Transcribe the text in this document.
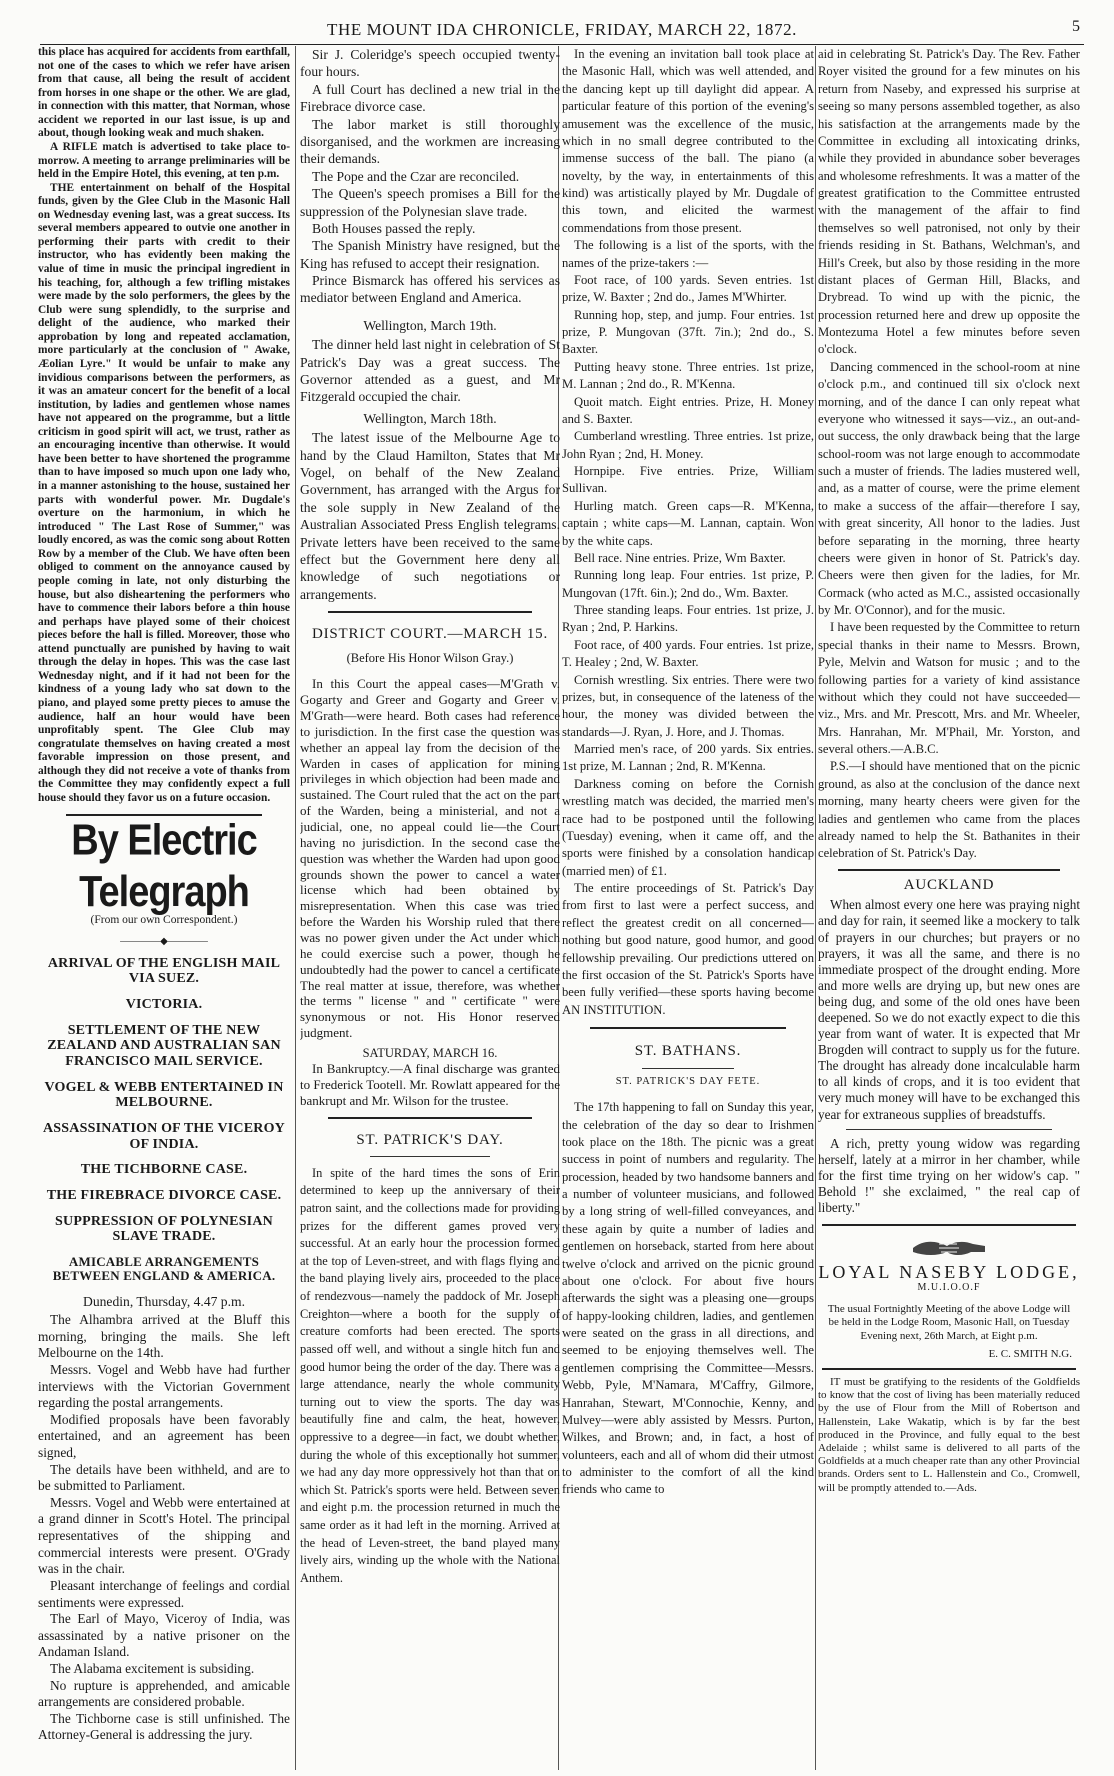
THE MOUNT IDA CHRONICLE, FRIDAY, MARCH 22, 1872.	5

this place has acquired for accidents from earthfall, not one of the cases to which we refer have arisen from that cause, all being the result of accident from horses in one shape or the other. We are glad, in connection with this matter, that Norman, whose accident we reported in our last issue, is up and about, though looking weak and much shaken.

A RIFLE match is advertised to take place to-morrow. A meeting to arrange preliminaries will be held in the Empire Hotel, this evening, at ten p.m.

THE entertainment on behalf of the Hospital funds, given by the Glee Club in the Masonic Hall on Wednesday evening last, was a great success. Its several members appeared to outvie one another in performing their parts with credit to their instructor, who has evidently been making the value of time in music the principal ingredient in his teaching, for, although a few trifling mistakes were made by the solo performers, the glees by the Club were sung splendidly, to the surprise and delight of the audience, who marked their approbation by long and repeated acclamation, more particularly at the conclusion of " Awake, Æolian Lyre." It would be unfair to make any invidious comparisons between the performers, as it was an amateur concert for the benefit of a local institution, by ladies and gentlemen whose names have not appeared on the programme, but a little criticism in good spirit will act, we trust, rather as an encouraging incentive than otherwise. It would have been better to have shortened the programme than to have imposed so much upon one lady who, in a manner astonishing to the house, sustained her parts with wonderful power. Mr. Dugdale's overture on the harmonium, in which he introduced " The Last Rose of Summer," was loudly encored, as was the comic song about Rotten Row by a member of the Club. We have often been obliged to comment on the annoyance caused by people coming in late, not only disturbing the house, but also disheartening the performers who have to commence their labors before a thin house and perhaps have played some of their choicest pieces before the hall is filled. Moreover, those who attend punctually are punished by having to wait through the delay in hopes. This was the case last Wednesday night, and if it had not been for the kindness of a young lady who sat down to the piano, and played some pretty pieces to amuse the audience, half an hour would have been unprofitably spent. The Glee Club may congratulate themselves on having created a most favorable impression on those present, and although they did not receive a vote of thanks from the Committee they may confidently expect a full house should they favor us on a future occasion.

By Electric Telegraph
(From our own Correspondent.)
————◆————
ARRIVAL OF THE ENGLISH MAIL VIA SUEZ.
VICTORIA.
SETTLEMENT OF THE NEW ZEALAND AND AUSTRALIAN SAN FRANCISCO MAIL SERVICE.
VOGEL & WEBB ENTERTAINED IN MELBOURNE.
ASSASSINATION OF THE VICEROY OF INDIA.
THE TICHBORNE CASE.
THE FIREBRACE DIVORCE CASE.
SUPPRESSION OF POLYNESIAN SLAVE TRADE.
AMICABLE ARRANGEMENTS BETWEEN ENGLAND & AMERICA.
Dunedin, Thursday, 4.47 p.m.

The Alhambra arrived at the Bluff this morning, bringing the mails. She left Melbourne on the 14th.

Messrs. Vogel and Webb have had further interviews with the Victorian Government regarding the postal arrangements.

Modified proposals have been favorably entertained, and an agreement has been signed,

The details have been withheld, and are to be submitted to Parliament.

Messrs. Vogel and Webb were entertained at a grand dinner in Scott's Hotel. The principal representatives of the shipping and commercial interests were present. O'Grady was in the chair.

Pleasant interchange of feelings and cordial sentiments were expressed.

The Earl of Mayo, Viceroy of India, was assassinated by a native prisoner on the Andaman Island.

The Alabama excitement is subsiding.

No rupture is apprehended, and amicable arrangements are considered probable.

The Tichborne case is still unfinished. The Attorney-General is addressing the jury.

Sir J. Coleridge's speech occupied twenty-four hours.

A full Court has declined a new trial in the Firebrace divorce case.

The labor market is still thoroughly disorganised, and the workmen are increasing their demands.

The Pope and the Czar are reconciled.

The Queen's speech promises a Bill for the suppression of the Polynesian slave trade.

Both Houses passed the reply.

The Spanish Ministry have resigned, but the King has refused to accept their resignation.

Prince Bismarck has offered his services as mediator between England and America.

Wellington, March 19th.

The dinner held last night in celebration of St Patrick's Day was a great success. The Governor attended as a guest, and Mr Fitzgerald occupied the chair.

Wellington, March 18th.

The latest issue of the Melbourne Age to hand by the Claud Hamilton, States that Mr Vogel, on behalf of the New Zealand Government, has arranged with the Argus for the sole supply in New Zealand of the Australian Associated Press English telegrams. Private letters have been received to the same effect but the Government here deny all knowledge of such negotiations or arrangements.

DISTRICT COURT.—MARCH 15.
(Before His Honor Wilson Gray.)

In this Court the appeal cases—M'Grath v. Gogarty and Greer and Gogarty and Greer v. M'Grath—were heard. Both cases had reference to jurisdiction. In the first case the question was whether an appeal lay from the decision of the Warden in cases of application for mining privileges in which objection had been made and sustained. The Court ruled that the act on the part of the Warden, being a ministerial, and not a judicial, one, no appeal could lie—the Court having no jurisdiction. In the second case the question was whether the Warden had upon good grounds shown the power to cancel a water license which had been obtained by misrepresentation. When this case was tried before the Warden his Worship ruled that there was no power given under the Act under which he could exercise such a power, though he undoubtedly had the power to cancel a certificate The real matter at issue, therefore, was whether the terms " license " and " certificate " were synonymous or not. His Honor reserved judgment.

SATURDAY, MARCH 16.

In Bankruptcy.—A final discharge was granted to Frederick Tootell. Mr. Rowlatt appeared for the bankrupt and Mr. Wilson for the trustee.

ST. PATRICK'S DAY.

In spite of the hard times the sons of Erin determined to keep up the anniversary of their patron saint, and the collections made for providing prizes for the different games proved very successful. At an early hour the procession formed at the top of Leven-street, and with flags flying and the band playing lively airs, proceeded to the place of rendezvous—namely the paddock of Mr. Joseph Creighton—where a booth for the supply of creature comforts had been erected. The sports passed off well, and without a single hitch fun and good humor being the order of the day. There was a large attendance, nearly the whole community turning out to view the sports. The day was beautifully fine and calm, the heat, however, oppressive to a degree—in fact, we doubt whether, during the whole of this exceptionally hot summer, we had any day more oppressively hot than that on which St. Patrick's sports were held. Between seven and eight p.m. the procession returned in much the same order as it had left in the morning. Arrived at the head of Leven-street, the band played many lively airs, winding up the whole with the National Anthem.

In the evening an invitation ball took place at the Masonic Hall, which was well attended, and the dancing kept up till daylight did appear. A particular feature of this portion of the evening's amusement was the excellence of the music, which in no small degree contributed to the immense success of the ball. The piano (a novelty, by the way, in entertainments of this kind) was artistically played by Mr. Dugdale of this town, and elicited the warmest commendations from those present.

The following is a list of the sports, with the names of the prize-takers :—

Foot race, of 100 yards. Seven entries. 1st prize, W. Baxter ; 2nd do., James M'Whirter.

Running hop, step, and jump. Four entries. 1st prize, P. Mungovan (37ft. 7in.); 2nd do., S. Baxter.

Putting heavy stone. Three entries. 1st prize, M. Lannan ; 2nd do., R. M'Kenna.

Quoit match. Eight entries. Prize, H. Money and S. Baxter.

Cumberland wrestling. Three entries. 1st prize, John Ryan ; 2nd, H. Money.

Hornpipe. Five entries. Prize, William Sullivan.

Hurling match. Green caps—R. M'Kenna, captain ; white caps—M. Lannan, captain. Won by the white caps.

Bell race. Nine entries. Prize, Wm Baxter.

Running long leap. Four entries. 1st prize, P. Mungovan (17ft. 6in.); 2nd do., Wm. Baxter.

Three standing leaps. Four entries. 1st prize, J. Ryan ; 2nd, P. Harkins.

Foot race, of 400 yards. Four entries. 1st prize, T. Healey ; 2nd, W. Baxter.

Cornish wrestling. Six entries. There were two prizes, but, in consequence of the lateness of the hour, the money was divided between the standards—J. Ryan, J. Hore, and J. Thomas.

Married men's race, of 200 yards. Six entries. 1st prize, M. Lannan ; 2nd, R. M'Kenna.

Darkness coming on before the Cornish wrestling match was decided, the married men's race had to be postponed until the following (Tuesday) evening, when it came off, and the sports were finished by a consolation handicap (married men) of £1.

The entire proceedings of St. Patrick's Day from first to last were a perfect success, and reflect the greatest credit on all concerned—nothing but good nature, good humor, and good fellowship prevailing. Our predictions uttered on the first occasion of the St. Patrick's Sports have been fully verified—these sports having become AN INSTITUTION.

ST. BATHANS.
ST. PATRICK'S DAY FETE.

The 17th happening to fall on Sunday this year, the celebration of the day so dear to Irishmen took place on the 18th. The picnic was a great success in point of numbers and regularity. The procession, headed by two handsome banners and a number of volunteer musicians, and followed by a long string of well-filled conveyances, and these again by quite a number of ladies and gentlemen on horseback, started from here about twelve o'clock and arrived on the picnic ground about one o'clock. For about five hours afterwards the sight was a pleasing one—groups of happy-looking children, ladies, and gentlemen were seated on the grass in all directions, and seemed to be enjoying themselves well. The gentlemen comprising the Committee—Messrs. Webb, Pyle, M'Namara, M'Caffry, Gilmore, Hanrahan, Stewart, M'Connochie, Kenny, and Mulvey—were ably assisted by Messrs. Purton, Wilkes, and Brown; and, in fact, a host of volunteers, each and all of whom did their utmost to administer to the comfort of all the kind friends who came to

aid in celebrating St. Patrick's Day. The Rev. Father Royer visited the ground for a few minutes on his return from Naseby, and expressed his surprise at seeing so many persons assembled together, as also his satisfaction at the arrangements made by the Committee in excluding all intoxicating drinks, while they provided in abundance sober beverages and wholesome refreshments. It was a matter of the greatest gratification to the Committee entrusted with the management of the affair to find themselves so well patronised, not only by their friends residing in St. Bathans, Welchman's, and Hill's Creek, but also by those residing in the more distant places of German Hill, Blacks, and Drybread. To wind up with the picnic, the procession returned here and drew up opposite the Montezuma Hotel a few minutes before seven o'clock.

Dancing commenced in the school-room at nine o'clock p.m., and continued till six o'clock next morning, and of the dance I can only repeat what everyone who witnessed it says—viz., an out-and-out success, the only drawback being that the large school-room was not large enough to accommodate such a muster of friends. The ladies mustered well, and, as a matter of course, were the prime element to make a success of the affair—therefore I say, with great sincerity, All honor to the ladies. Just before separating in the morning, three hearty cheers were given in honor of St. Patrick's day. Cheers were then given for the ladies, for Mr. Cormack (who acted as M.C., assisted occasionally by Mr. O'Connor), and for the music.

I have been requested by the Committee to return special thanks in their name to Messrs. Brown, Pyle, Melvin and Watson for music ; and to the following parties for a variety of kind assistance without which they could not have succeeded—viz., Mrs. and Mr. Prescott, Mrs. and Mr. Wheeler, Mrs. Hanrahan, Mr. M'Phail, Mr. Yorston, and several others.—A.B.C.

P.S.—I should have mentioned that on the picnic ground, as also at the conclusion of the dance next morning, many hearty cheers were given for the ladies and gentlemen who came from the places already named to help the St. Bathanites in their celebration of St. Patrick's Day.

AUCKLAND

When almost every one here was praying night and day for rain, it seemed like a mockery to talk of prayers in our churches; but prayers or no prayers, it was all the same, and there is no immediate prospect of the drought ending. More and more wells are drying up, but new ones are being dug, and some of the old ones have been deepened. So we do not exactly expect to die this year from want of water. It is expected that Mr Brogden will contract to supply us for the future. The drought has already done incalculable harm to all kinds of crops, and it is too evident that very much money will have to be exchanged this year for extraneous supplies of breadstuffs.

A rich, pretty young widow was regarding herself, lately at a mirror in her chamber, while for the first time trying on her widow's cap. " Behold !" she exclaimed, " the real cap of liberty."

LOYAL NASEBY LODGE,
M.U.I.O.O.F
The usual Fortnightly Meeting of the above Lodge will be held in the Lodge Room, Masonic Hall, on Tuesday Evening next, 26th March, at Eight p.m.
E. C. SMITH N.G.

IT must be gratifying to the residents of the Goldfields to know that the cost of living has been materially reduced by the use of Flour from the Mill of Robertson and Hallenstein, Lake Wakatip, which is by far the best produced in the Province, and fully equal to the best Adelaide ; whilst same is delivered to all parts of the Goldfields at a much cheaper rate than any other Provincial brands. Orders sent to L. Hallenstein and Co., Cromwell, will be promptly attended to.—Ads.
